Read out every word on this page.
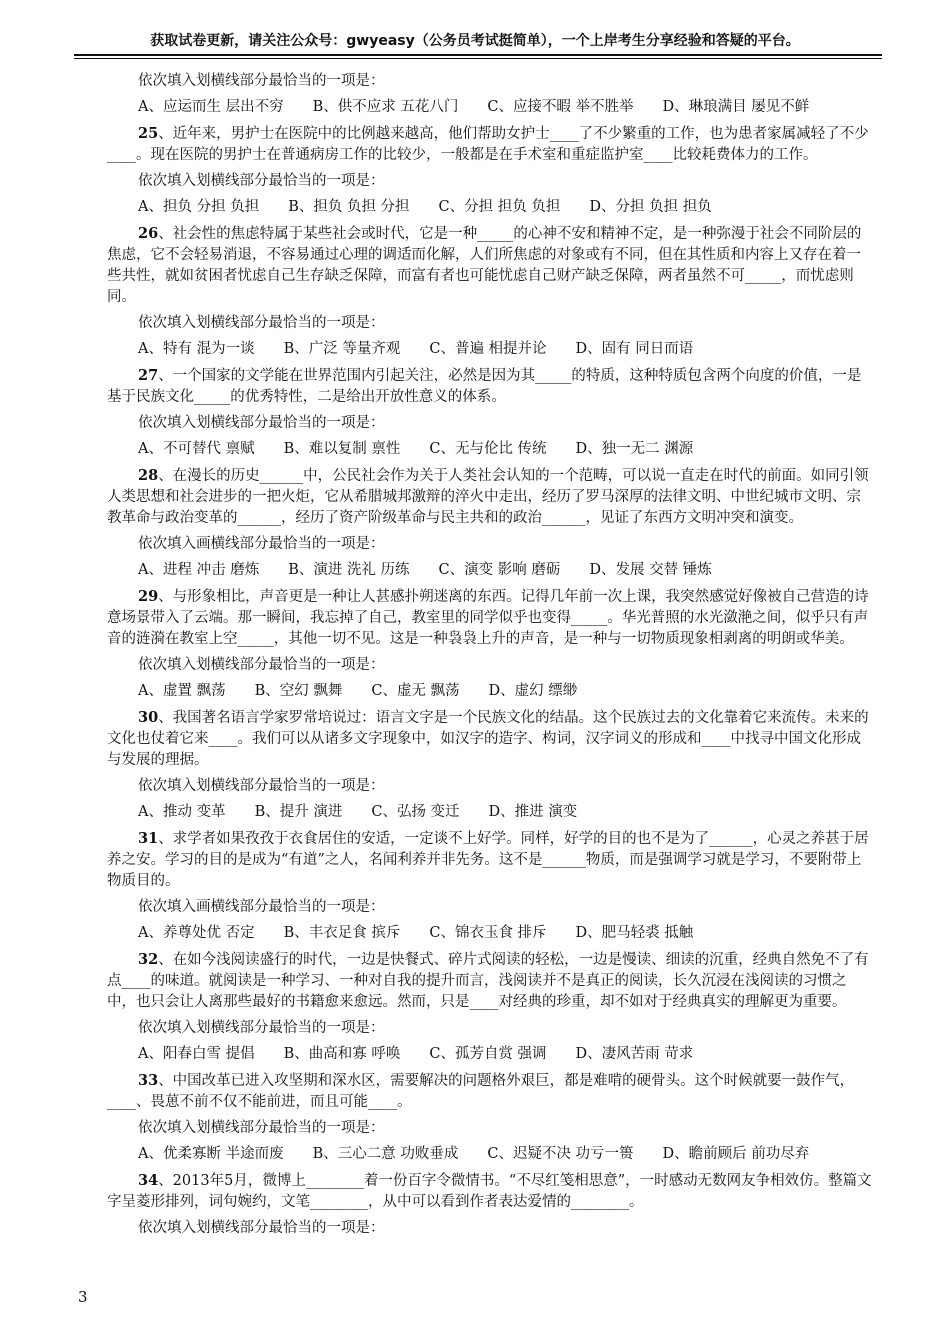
获取试卷更新，请关注公众号：gwyeasy（公务员考试挺简单），一个上岸考生分享经验和答疑的平台。

依次填入划横线部分最恰当的一项是：

A、应运而生 层出不穷　　B、供不应求 五花八门　　C、应接不暇 举不胜举　　D、琳琅满目 屡见不鲜

25、近年来，男护士在医院中的比例越来越高，他们帮助女护士____了不少繁重的工作，也为患者家属减轻了不少____。现在医院的男护士在普通病房工作的比较少，一般都是在手术室和重症监护室____比较耗费体力的工作。

依次填入划横线部分最恰当的一项是：

A、担负 分担 负担　　B、担负 负担 分担　　C、分担 担负 负担　　D、分担 负担 担负

26、社会性的焦虑特属于某些社会或时代，它是一种_____的心神不安和精神不定，是一种弥漫于社会不同阶层的焦虑，它不会轻易消退，不容易通过心理的调适而化解，人们所焦虑的对象或有不同，但在其性质和内容上又存在着一些共性，就如贫困者忧虑自己生存缺乏保障，而富有者也可能忧虑自己财产缺乏保障，两者虽然不可_____，而忧虑则同。

依次填入划横线部分最恰当的一项是：

A、特有 混为一谈　　B、广泛 等量齐观　　C、普遍 相提并论　　D、固有 同日而语

27、一个国家的文学能在世界范围内引起关注，必然是因为其_____的特质，这种特质包含两个向度的价值，一是基于民族文化_____的优秀特性，二是给出开放性意义的体系。

依次填入划横线部分最恰当的一项是：

A、不可替代 禀赋　　B、难以复制 禀性　　C、无与伦比 传统　　D、独一无二 渊源

28、在漫长的历史______中，公民社会作为关于人类社会认知的一个范畴，可以说一直走在时代的前面。如同引领人类思想和社会进步的一把火炬，它从希腊城邦激辩的淬火中走出，经历了罗马深厚的法律文明、中世纪城市文明、宗教革命与政治变革的______，经历了资产阶级革命与民主共和的政治______，见证了东西方文明冲突和演变。

依次填入画横线部分最恰当的一项是：

A、进程 冲击 磨炼　　B、演进 洗礼 历练　　C、演变 影响 磨砺　　D、发展 交替 锤炼

29、与形象相比，声音更是一种让人甚感扑朔迷离的东西。记得几年前一次上课，我突然感觉好像被自己营造的诗意场景带入了云端。那一瞬间，我忘掉了自己，教室里的同学似乎也变得_____。华光普照的水光潋滟之间，似乎只有声音的涟漪在教室上空_____，其他一切不见。这是一种袅袅上升的声音，是一种与一切物质现象相剥离的明朗或华美。

依次填入划横线部分最恰当的一项是：

A、虚置 飘荡　　B、空幻 飘舞　　C、虚无 飘荡　　D、虚幻 缥缈

30、我国著名语言学家罗常培说过：语言文字是一个民族文化的结晶。这个民族过去的文化靠着它来流传。未来的文化也仗着它来____。我们可以从诸多文字现象中，如汉字的造字、构词，汉字词义的形成和____中找寻中国文化形成与发展的理据。

依次填入划横线部分最恰当的一项是：

A、推动 变革　　B、提升 演进　　C、弘扬 变迁　　D、推进 演变

31、求学者如果孜孜于衣食居住的安适，一定谈不上好学。同样，好学的目的也不是为了______，心灵之养甚于居养之安。学习的目的是成为“有道”之人，名闻利养并非先务。这不是______物质，而是强调学习就是学习，不要附带上物质目的。

依次填入画横线部分最恰当的一项是：

A、养尊处优 否定　　B、丰衣足食 摈斥　　C、锦衣玉食 排斥　　D、肥马轻裘 抵触

32、在如今浅阅读盛行的时代，一边是快餐式、碎片式阅读的轻松，一边是慢读、细读的沉重，经典自然免不了有点____的味道。就阅读是一种学习、一种对自我的提升而言，浅阅读并不是真正的阅读，长久沉浸在浅阅读的习惯之中，也只会让人离那些最好的书籍愈来愈远。然而，只是____对经典的珍重，却不如对于经典真实的理解更为重要。

依次填入划横线部分最恰当的一项是：

A、阳春白雪 提倡　　B、曲高和寡 呼唤　　C、孤芳自赏 强调　　D、凄风苦雨 苛求

33、中国改革已进入攻坚期和深水区，需要解决的问题格外艰巨，都是难啃的硬骨头。这个时候就要一鼓作气，____、畏葸不前不仅不能前进，而且可能____。

依次填入划横线部分最恰当的一项是：

A、优柔寡断 半途而废　　B、三心二意 功败垂成　　C、迟疑不决 功亏一篑　　D、瞻前顾后 前功尽弃

34、2013年5月，微博上________着一份百字令微情书。“不尽红笺相思意”，一时感动无数网友争相效仿。整篇文字呈菱形排列，词句婉约，文笔________，从中可以看到作者表达爱情的________。

依次填入划横线部分最恰当的一项是：

3
